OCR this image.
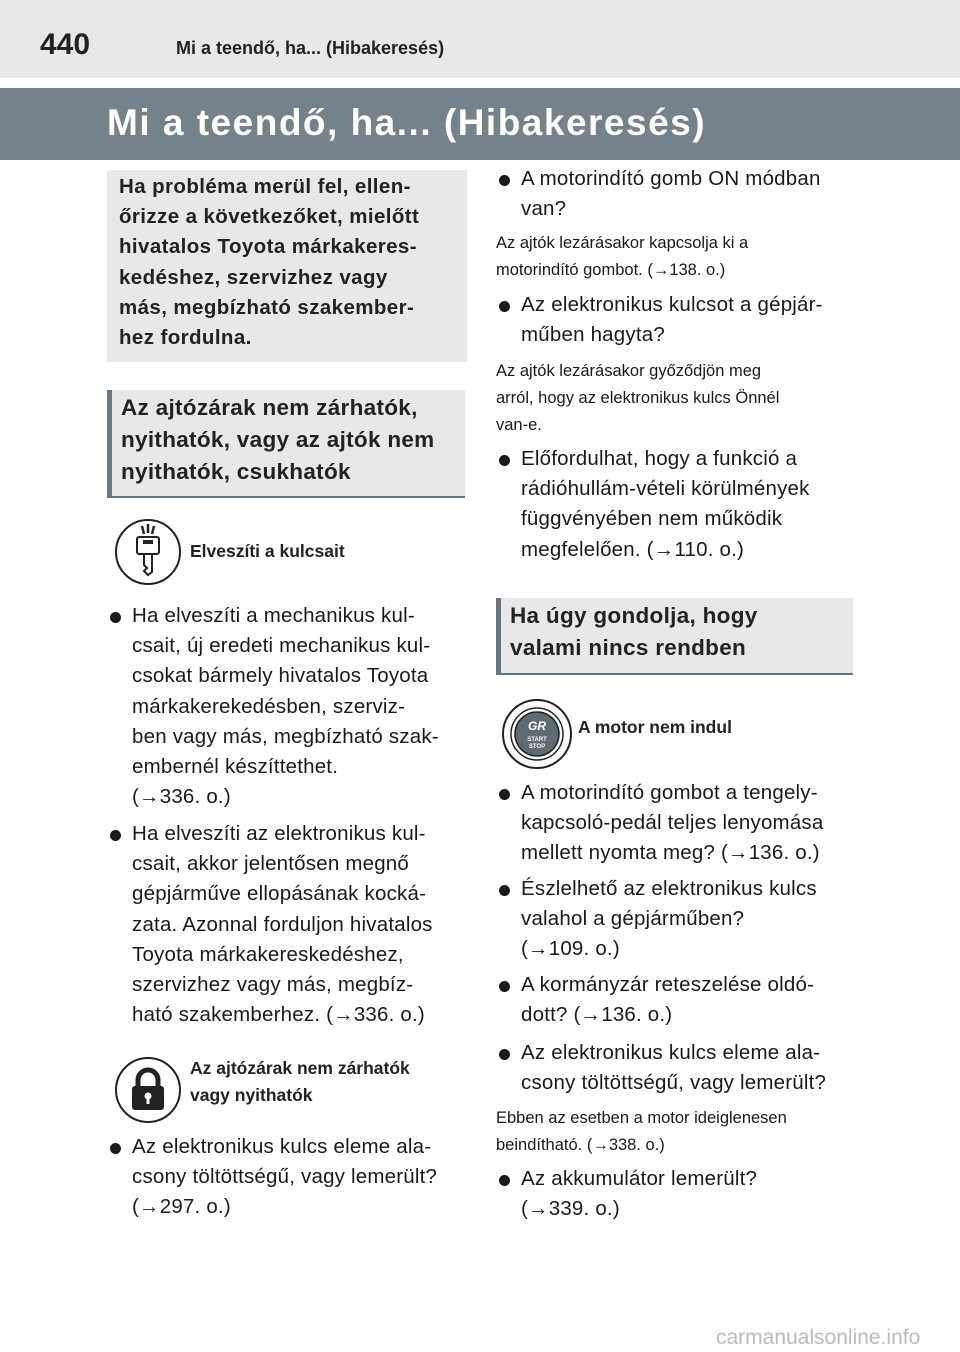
440	Mi a teendő, ha... (Hibakeresés)
Mi a teendő, ha... (Hibakeresés)
Ha probléma merül fel, ellen-
őrizze a következőket, mielőtt
hivatalos Toyota márkakeres-
kedéshez, szervizhez vagy
más, megbízható szakember-
hez fordulna.
Az ajtózárak nem zárhatók,
nyithatók, vagy az ajtók nem
nyithatók, csukhatók
Elveszíti a kulcsait
Ha elveszíti a mechanikus kul-
csait, új eredeti mechanikus kul-
csokat bármely hivatalos Toyota
márkakerekedésben, szerviz-
ben vagy más, megbízható szak-
embernél készíttethet.
(→336. o.)
Ha elveszíti az elektronikus kul-
csait, akkor jelentősen megnő
gépjárműve ellopásának kocká-
zata. Azonnal forduljon hivatalos
Toyota márkakereskedéshez,
szervizhez vagy más, megbíz-
ható szakemberhez. (→336. o.)
Az ajtózárak nem zárhatók
vagy nyithatók
Az elektronikus kulcs eleme ala-
csony töltöttségű, vagy lemerült?
(→297. o.)
A motorindító gomb ON módban
van?
Az ajtók lezárásakor kapcsolja ki a
motorindító gombot. (→138. o.)
Az elektronikus kulcsot a gépjár-
műben hagyta?
Az ajtók lezárásakor győződjön meg
arról, hogy az elektronikus kulcs Önnél
van-e.
Előfordulhat, hogy a funkció a
rádióhullám-vételi körülmények
függvényében nem működik
megfelelően. (→110. o.)
Ha úgy gondolja, hogy
valami nincs rendben
GR
START
STOP
A motor nem indul
A motorindító gombot a tengely-
kapcsoló-pedál teljes lenyomása
mellett nyomta meg? (→136. o.)
Észlelhető az elektronikus kulcs
valahol a gépjárműben?
(→109. o.)
A kormányzár reteszelése oldó-
dott? (→136. o.)
Az elektronikus kulcs eleme ala-
csony töltöttségű, vagy lemerült?
Ebben az esetben a motor ideiglenesen
beindítható. (→338. o.)
Az akkumulátor lemerült?
(→339. o.)
carmanualsonline.info
